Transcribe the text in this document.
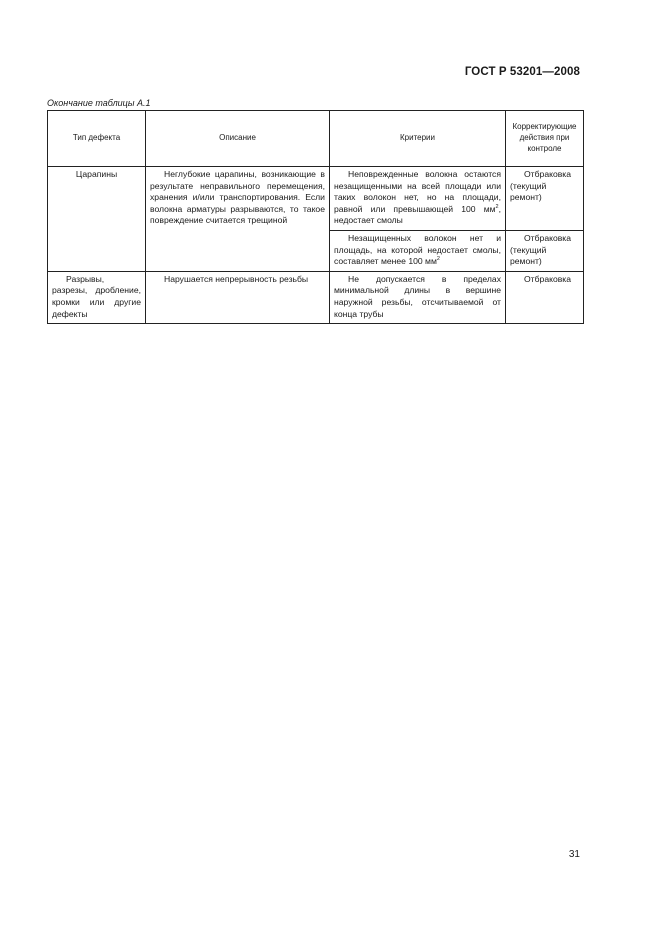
ГОСТ Р 53201—2008
Окончание таблицы А.1
Тип дефекта	Описание	Критерии	Корректирующие действия при контроле
Царапины	Неглубокие царапины, возникающие в результате неправильного перемещения, хранения и/или транспортирования. Если волокна арматуры разрываются, то такое повреждение считается трещиной	Неповрежденные волокна остаются незащищенными на всей площади или таких волокон нет, но на площади, равной или превышающей 100 $мм^2$, недостает смолы	Отбраковка (текущий ремонт)
		Незащищенных волокон нет и площадь, на которой недостает смолы, составляет менее 100 $мм^2$	Отбраковка (текущий ремонт)
Разрывы, разрезы, дробление, кромки или другие дефекты	Нарушается непрерывность резьбы	Не допускается в пределах минимальной длины в вершине наружной резьбы, отсчитываемой от конца трубы	Отбраковка
31
